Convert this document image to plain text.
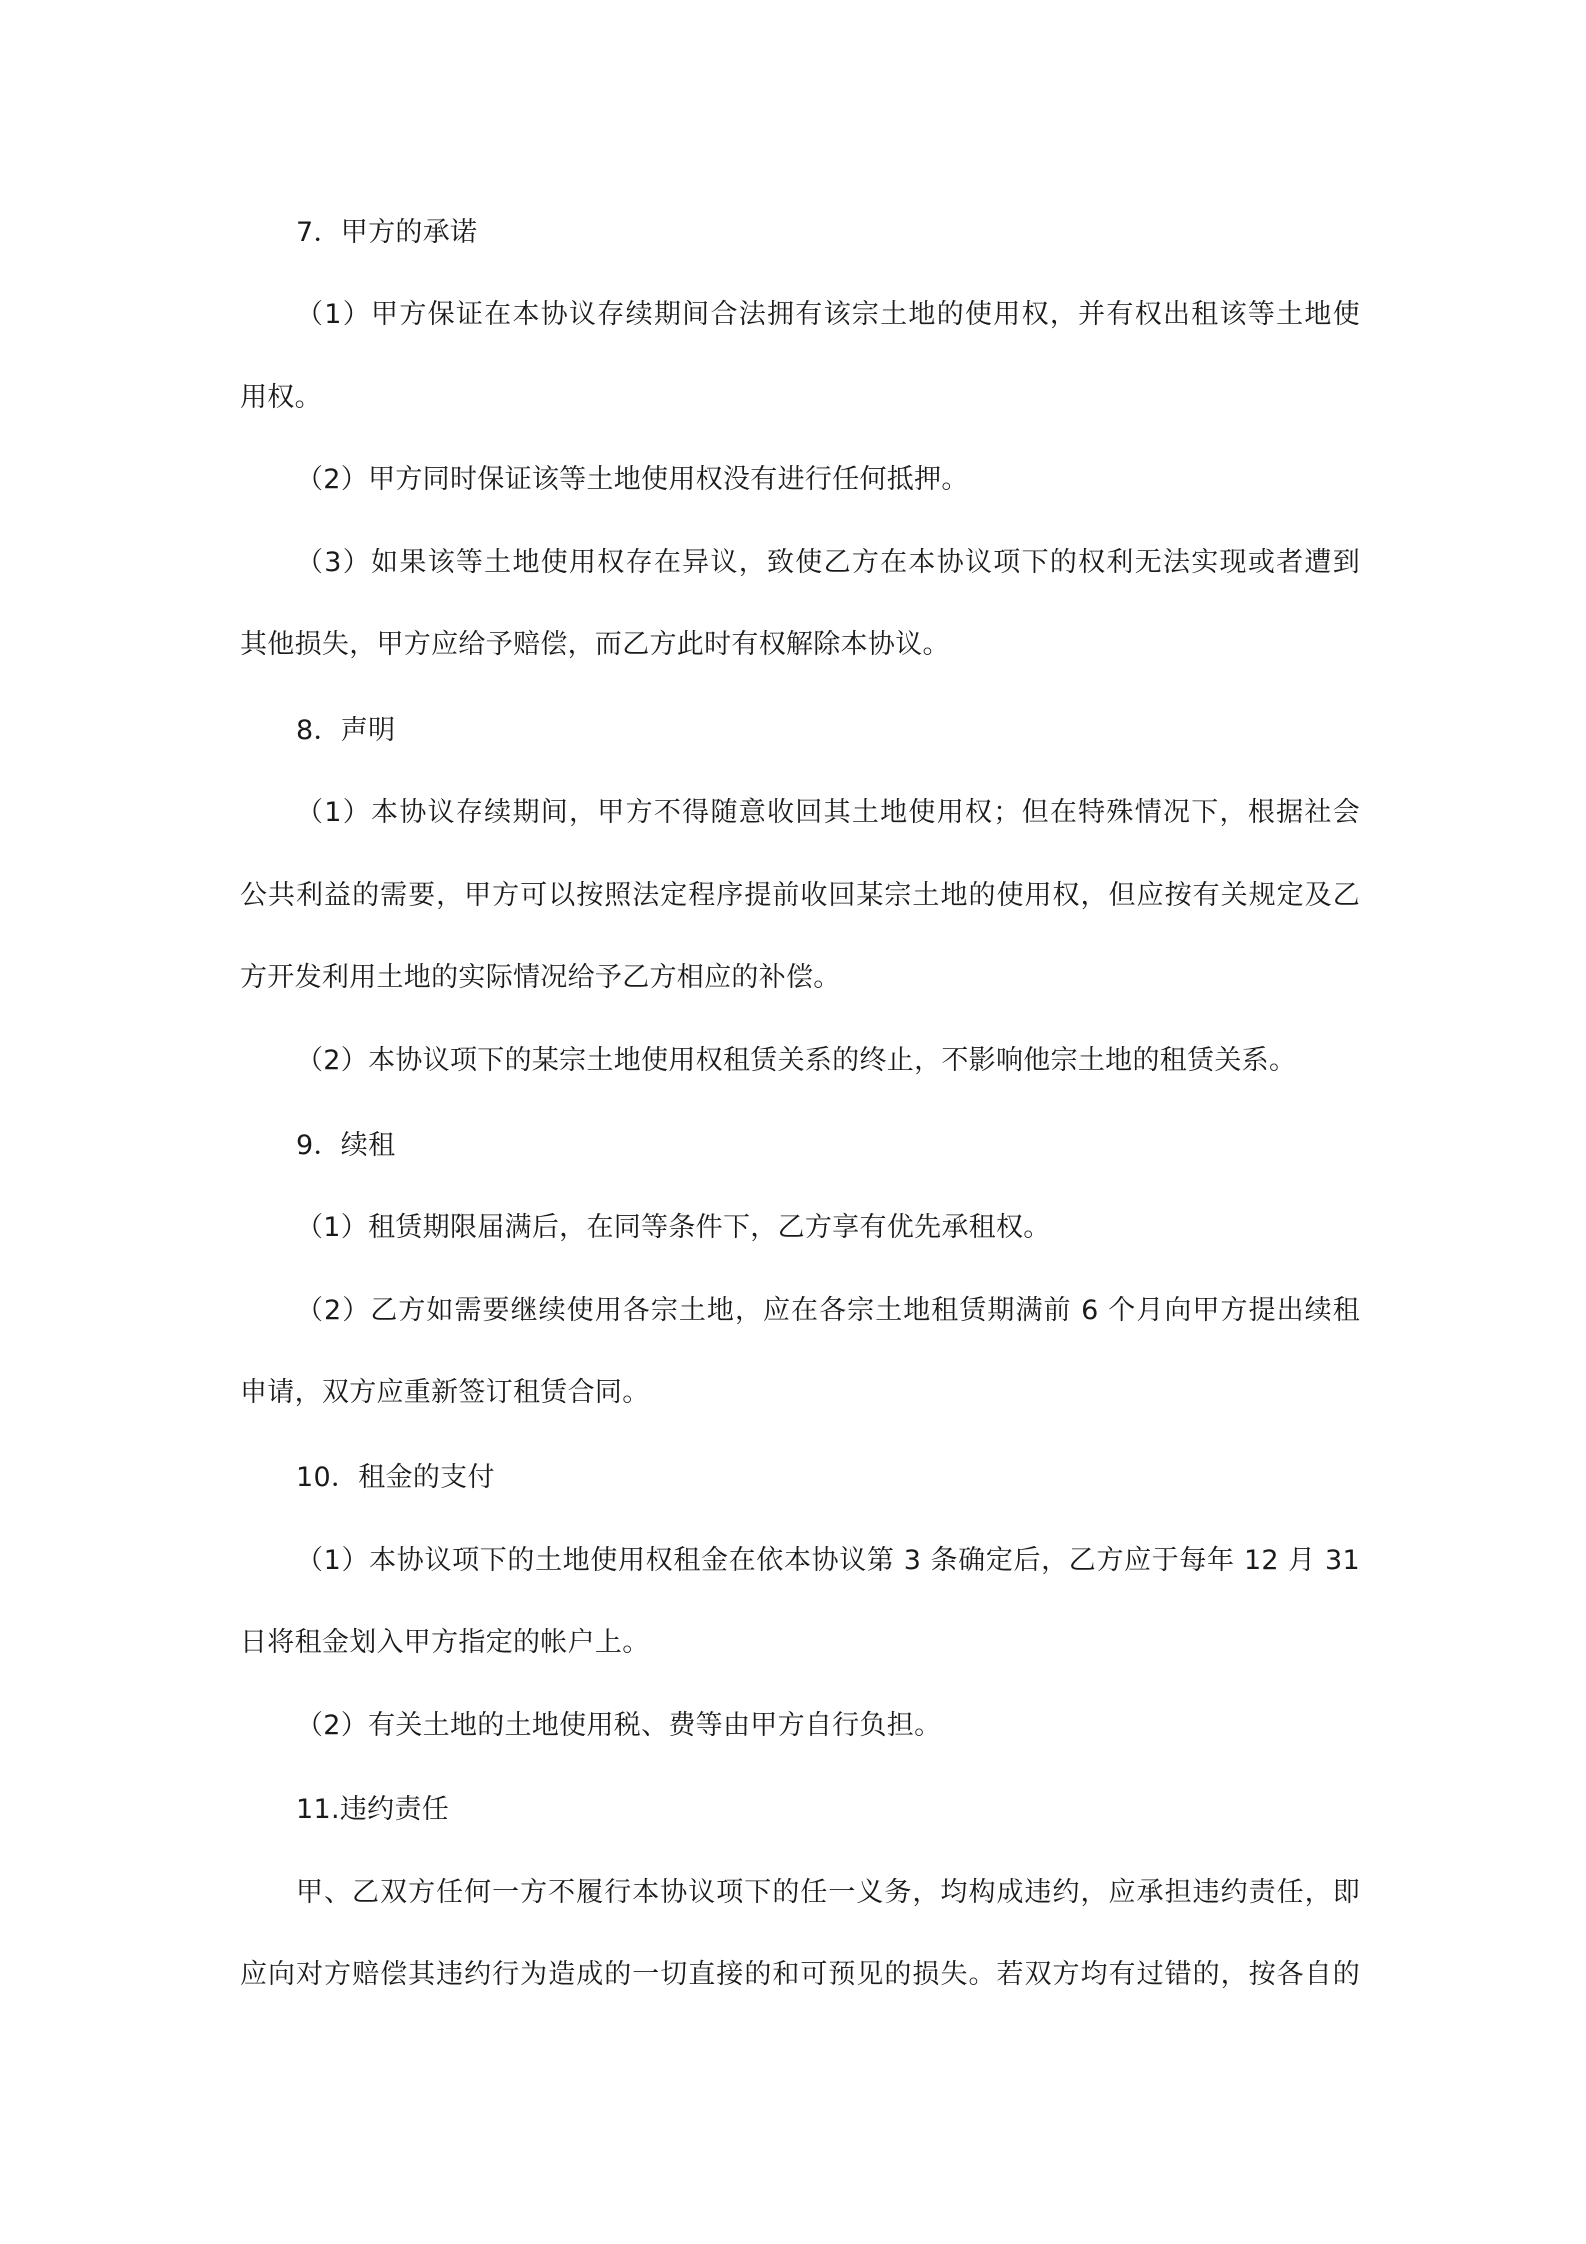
7．甲方的承诺
（1）甲方保证在本协议存续期间合法拥有该宗土地的使用权，并有权出租该等土地使
用权。
（2）甲方同时保证该等土地使用权没有进行任何抵押。
（3）如果该等土地使用权存在异议，致使乙方在本协议项下的权利无法实现或者遭到
其他损失，甲方应给予赔偿，而乙方此时有权解除本协议。
8．声明
（1）本协议存续期间，甲方不得随意收回其土地使用权；但在特殊情况下，根据社会
公共利益的需要，甲方可以按照法定程序提前收回某宗土地的使用权，但应按有关规定及乙
方开发利用土地的实际情况给予乙方相应的补偿。
（2）本协议项下的某宗土地使用权租赁关系的终止，不影响他宗土地的租赁关系。
9．续租
（1）租赁期限届满后，在同等条件下，乙方享有优先承租权。
（2）乙方如需要继续使用各宗土地，应在各宗土地租赁期满前 6 个月向甲方提出续租
申请，双方应重新签订租赁合同。
10．租金的支付
（1）本协议项下的土地使用权租金在依本协议第 3 条确定后，乙方应于每年 12 月 31
日将租金划入甲方指定的帐户上。
（2）有关土地的土地使用税、费等由甲方自行负担。
11.违约责任
甲、乙双方任何一方不履行本协议项下的任一义务，均构成违约，应承担违约责任，即
应向对方赔偿其违约行为造成的一切直接的和可预见的损失。若双方均有过错的，按各自的
